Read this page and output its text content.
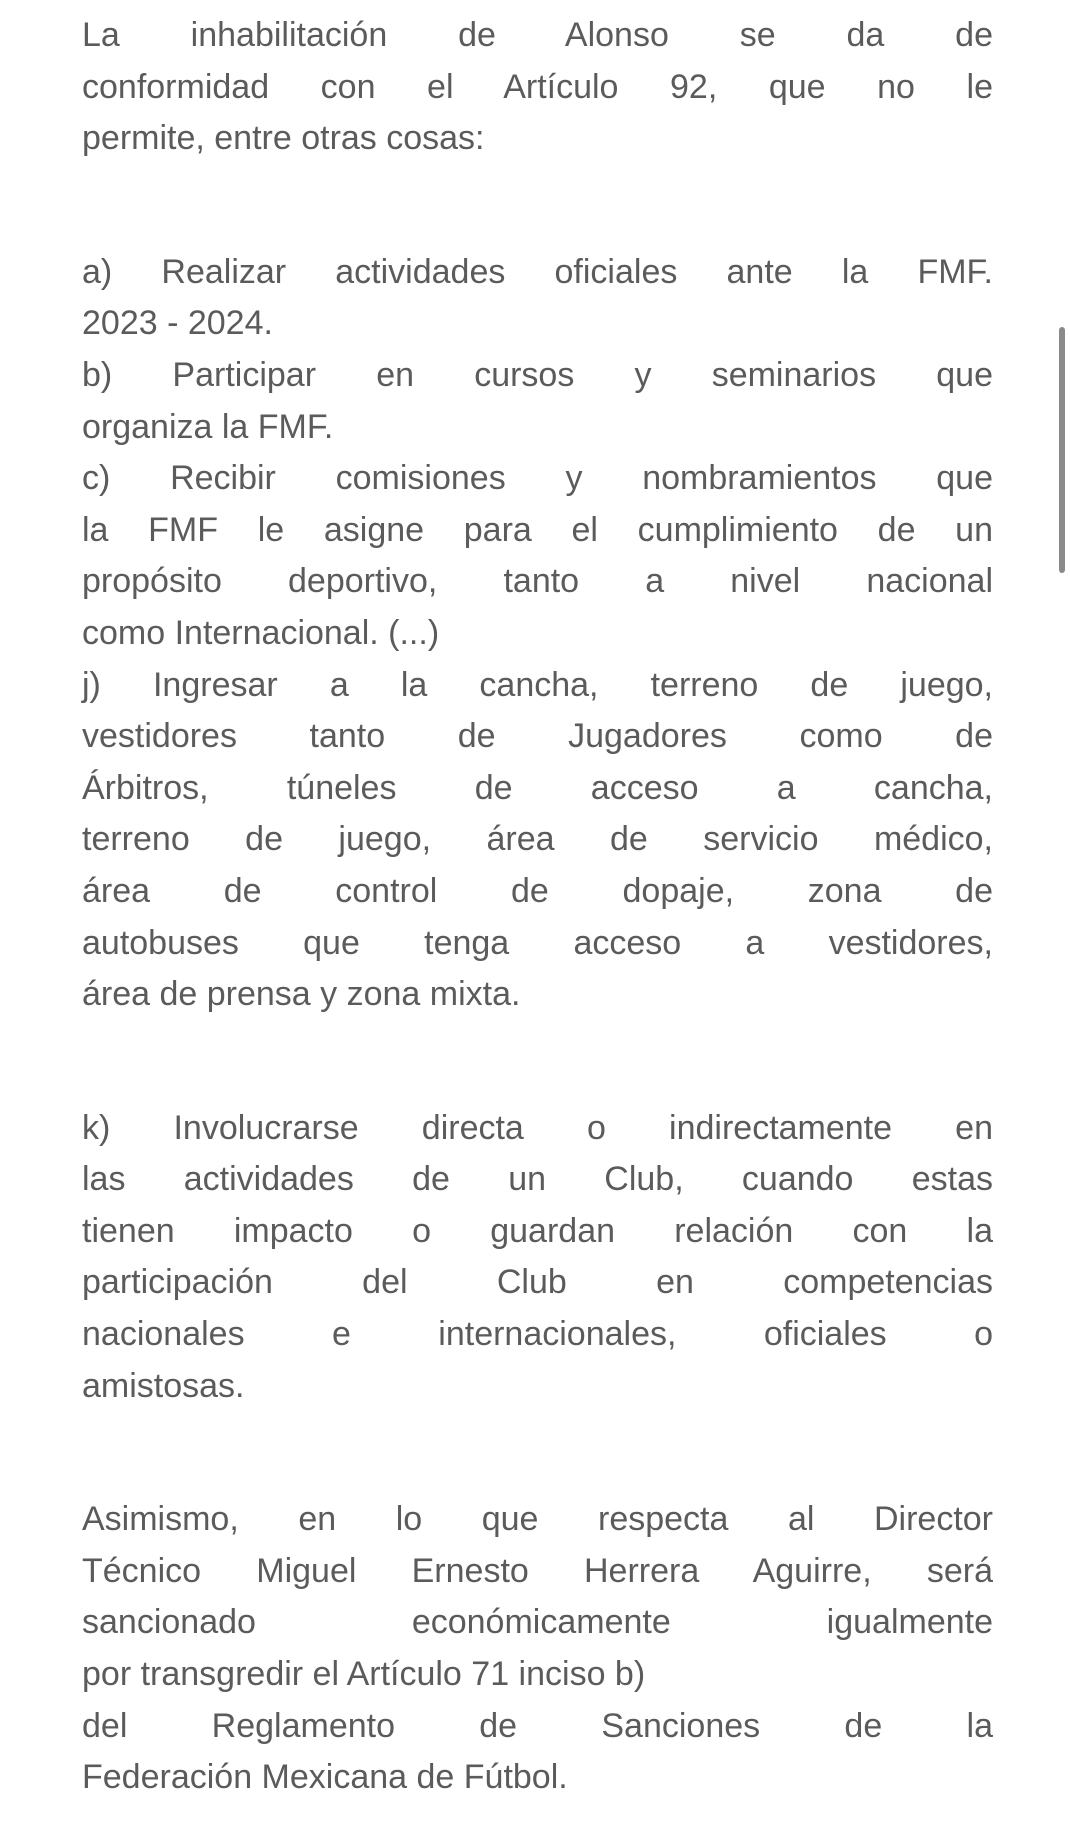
La inhabilitación de Alonso se da de
conformidad con el Artículo 92, que no le
permite, entre otras cosas:
a) Realizar actividades oficiales ante la FMF.
2023 - 2024.
b) Participar en cursos y seminarios que
organiza la FMF.
c) Recibir comisiones y nombramientos que
la FMF le asigne para el cumplimiento de un
propósito deportivo, tanto a nivel nacional
como Internacional. (...)
j) Ingresar a la cancha, terreno de juego,
vestidores tanto de Jugadores como de
Árbitros, túneles de acceso a cancha,
terreno de juego, área de servicio médico,
área de control de dopaje, zona de
autobuses que tenga acceso a vestidores,
área de prensa y zona mixta.
k) Involucrarse directa o indirectamente en
las actividades de un Club, cuando estas
tienen impacto o guardan relación con la
participación del Club en competencias
nacionales e internacionales, oficiales o
amistosas.
Asimismo, en lo que respecta al Director
Técnico Miguel Ernesto Herrera Aguirre, será
sancionado económicamente igualmente
por transgredir el Artículo 71 inciso b)
del Reglamento de Sanciones de la
Federación Mexicana de Fútbol.
